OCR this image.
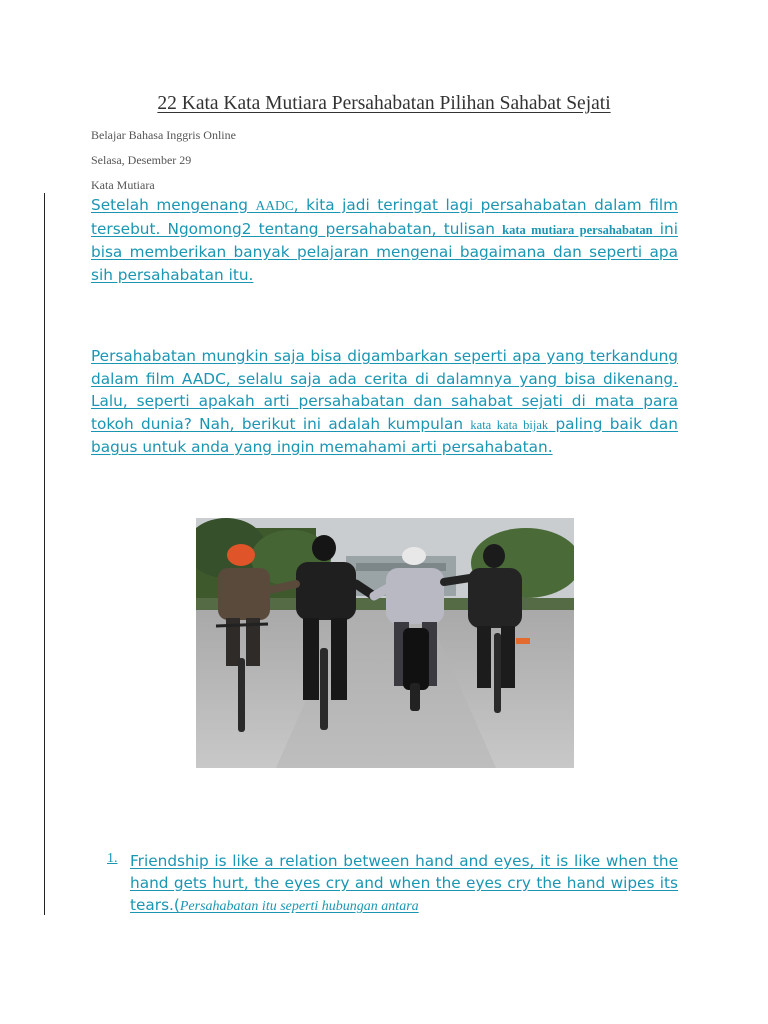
22 Kata Kata Mutiara Persahabatan Pilihan Sahabat Sejati
Belajar Bahasa Inggris Online
Selasa, Desember 29
Kata Mutiara

Setelah mengenang AADC, kita jadi teringat lagi persahabatan dalam film tersebut. Ngomong2 tentang persahabatan, tulisan kata mutiara persahabatan ini bisa memberikan banyak pelajaran mengenai bagaimana dan seperti apa sih persahabatan itu.

Persahabatan mungkin saja bisa digambarkan seperti apa yang terkandung dalam film AADC, selalu saja ada cerita di dalamnya yang bisa dikenang. Lalu, seperti apakah arti persahabatan dan sahabat sejati di mata para tokoh dunia? Nah, berikut ini adalah kumpulan kata kata bijak paling baik dan bagus untuk anda yang ingin memahami arti persahabatan.

1. Friendship is like a relation between hand and eyes, it is like when the hand gets hurt, the eyes cry and when the eyes cry the hand wipes its tears.(Persahabatan itu seperti hubungan antara
